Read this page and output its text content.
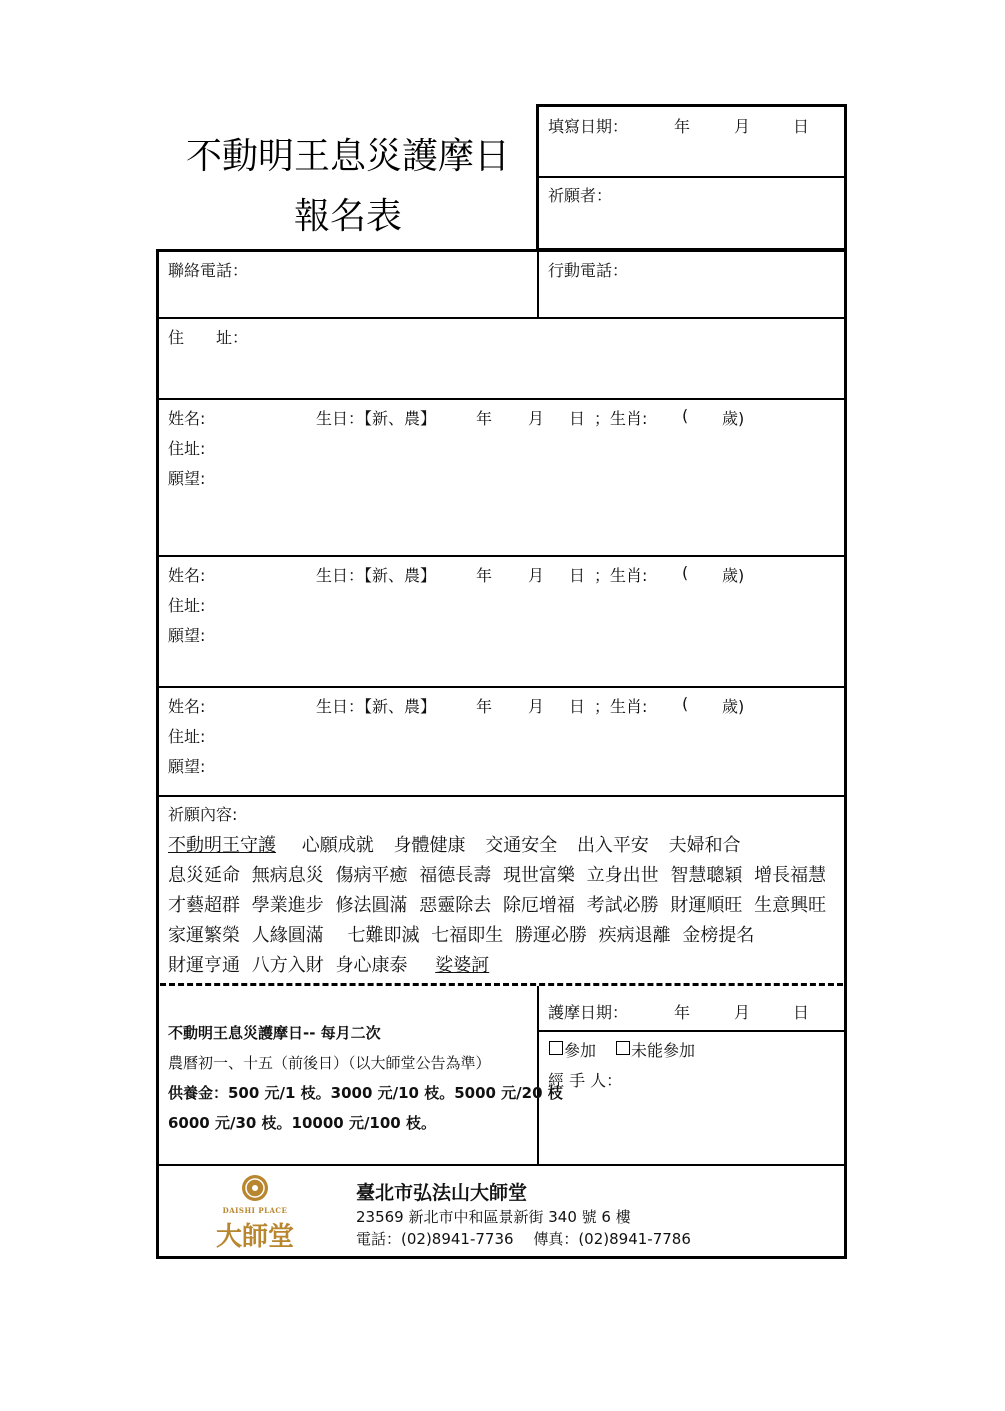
不動明王息災護摩日
報名表
填寫日期：	年	月	日
祈願者：
聯絡電話：	行動電話：
住　　址：
姓名:	生日：【新、農】 年 月 日 ；生肖: ( 歲)
住址:
願望:
姓名:	生日：【新、農】 年 月 日 ；生肖: ( 歲)
住址:
願望:
姓名:	生日：【新、農】 年 月 日 ；生肖: ( 歲)
住址:
願望:
祈願內容:
不動明王守護 心願成就 身體健康 交通安全 出入平安 夫婦和合
息災延命 無病息災 傷病平癒 福德長壽 現世富樂 立身出世 智慧聰穎 增長福慧
才藝超群 學業進步 修法圓滿 惡靈除去 除厄增福 考試必勝 財運順旺 生意興旺
家運繁榮 人緣圓滿 七難即滅 七福即生 勝運必勝 疾病退離 金榜提名
財運亨通 八方入財 身心康泰 娑婆訶
不動明王息災護摩日-- 每月二次
農曆初一、十五（前後日）（以大師堂公告為準）
供養金：500 元/1 枝。3000 元/10 枝。5000 元/20 枝
6000 元/30 枝。10000 元/100 枝。
護摩日期：	年	月	日
參加 未能參加
經 手 人：
DAISHI PLACE
大師堂
臺北市弘法山大師堂
23569 新北市中和區景新街 340 號 6 樓
電話：(02)8941-7736　 傳真：(02)8941-7786
